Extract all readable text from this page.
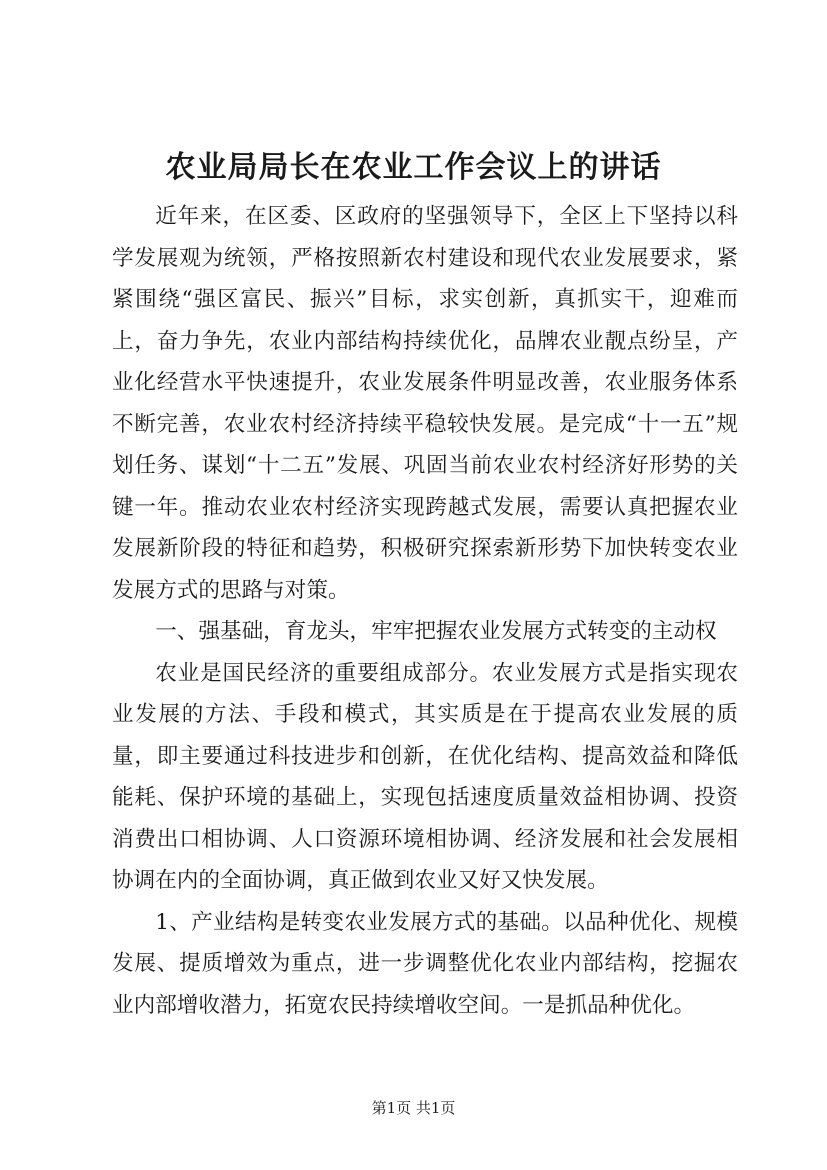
农业局局长在农业工作会议上的讲话

近年来，在区委、区政府的坚强领导下，全区上下坚持以科学发展观为统领，严格按照新农村建设和现代农业发展要求，紧紧围绕“强区富民、振兴”目标，求实创新，真抓实干，迎难而上，奋力争先，农业内部结构持续优化，品牌农业靓点纷呈，产业化经营水平快速提升，农业发展条件明显改善，农业服务体系不断完善，农业农村经济持续平稳较快发展。是完成“十一五”规划任务、谋划“十二五”发展、巩固当前农业农村经济好形势的关键一年。推动农业农村经济实现跨越式发展，需要认真把握农业发展新阶段的特征和趋势，积极研究探索新形势下加快转变农业发展方式的思路与对策。

一、强基础，育龙头，牢牢把握农业发展方式转变的主动权

农业是国民经济的重要组成部分。农业发展方式是指实现农业发展的方法、手段和模式，其实质是在于提高农业发展的质量，即主要通过科技进步和创新，在优化结构、提高效益和降低能耗、保护环境的基础上，实现包括速度质量效益相协调、投资消费出口相协调、人口资源环境相协调、经济发展和社会发展相协调在内的全面协调，真正做到农业又好又快发展。

1、产业结构是转变农业发展方式的基础。以品种优化、规模发展、提质增效为重点，进一步调整优化农业内部结构，挖掘农业内部增收潜力，拓宽农民持续增收空间。一是抓品种优化。

第1页 共1页
